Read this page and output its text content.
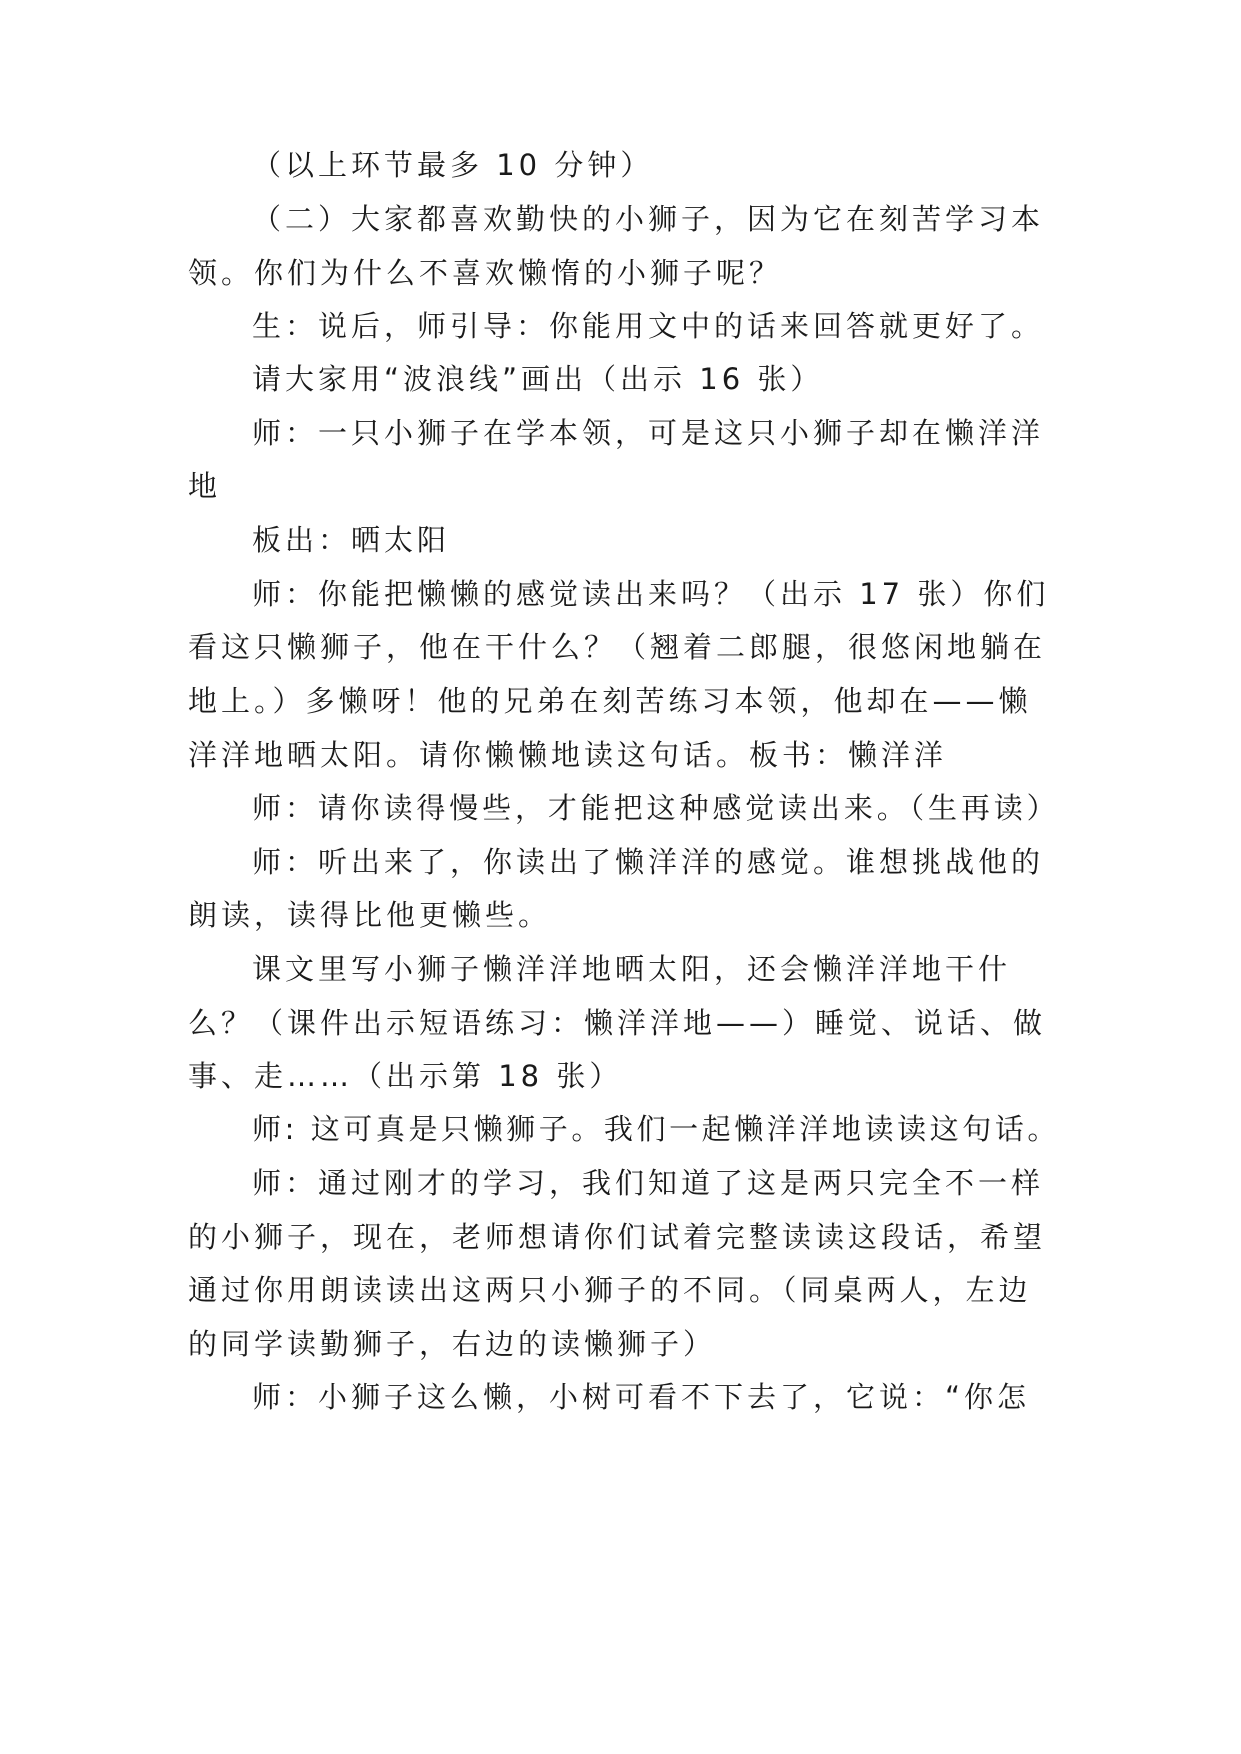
（以上环节最多 10 分钟）
（二）大家都喜欢勤快的小狮子，因为它在刻苦学习本
领。你们为什么不喜欢懒惰的小狮子呢？
生：说后，师引导：你能用文中的话来回答就更好了。
请大家用“波浪线”画出（出示 16 张）
师：一只小狮子在学本领，可是这只小狮子却在懒洋洋
地
板出：晒太阳
师：你能把懒懒的感觉读出来吗？（出示 17 张）你们
看这只懒狮子，他在干什么？（翘着二郎腿，很悠闲地躺在
地上。）多懒呀！他的兄弟在刻苦练习本领，他却在——懒
洋洋地晒太阳。请你懒懒地读这句话。板书：懒洋洋
师：请你读得慢些，才能把这种感觉读出来。（生再读）
师：听出来了，你读出了懒洋洋的感觉。谁想挑战他的
朗读，读得比他更懒些。
课文里写小狮子懒洋洋地晒太阳，还会懒洋洋地干什
么？（课件出示短语练习：懒洋洋地——）睡觉、说话、做
事、走……（出示第 18 张）
师: 这可真是只懒狮子。我们一起懒洋洋地读读这句话。
师：通过刚才的学习，我们知道了这是两只完全不一样
的小狮子，现在，老师想请你们试着完整读读这段话，希望
通过你用朗读读出这两只小狮子的不同。（同桌两人，左边
的同学读勤狮子，右边的读懒狮子）
师：小狮子这么懒，小树可看不下去了，它说：“你怎
